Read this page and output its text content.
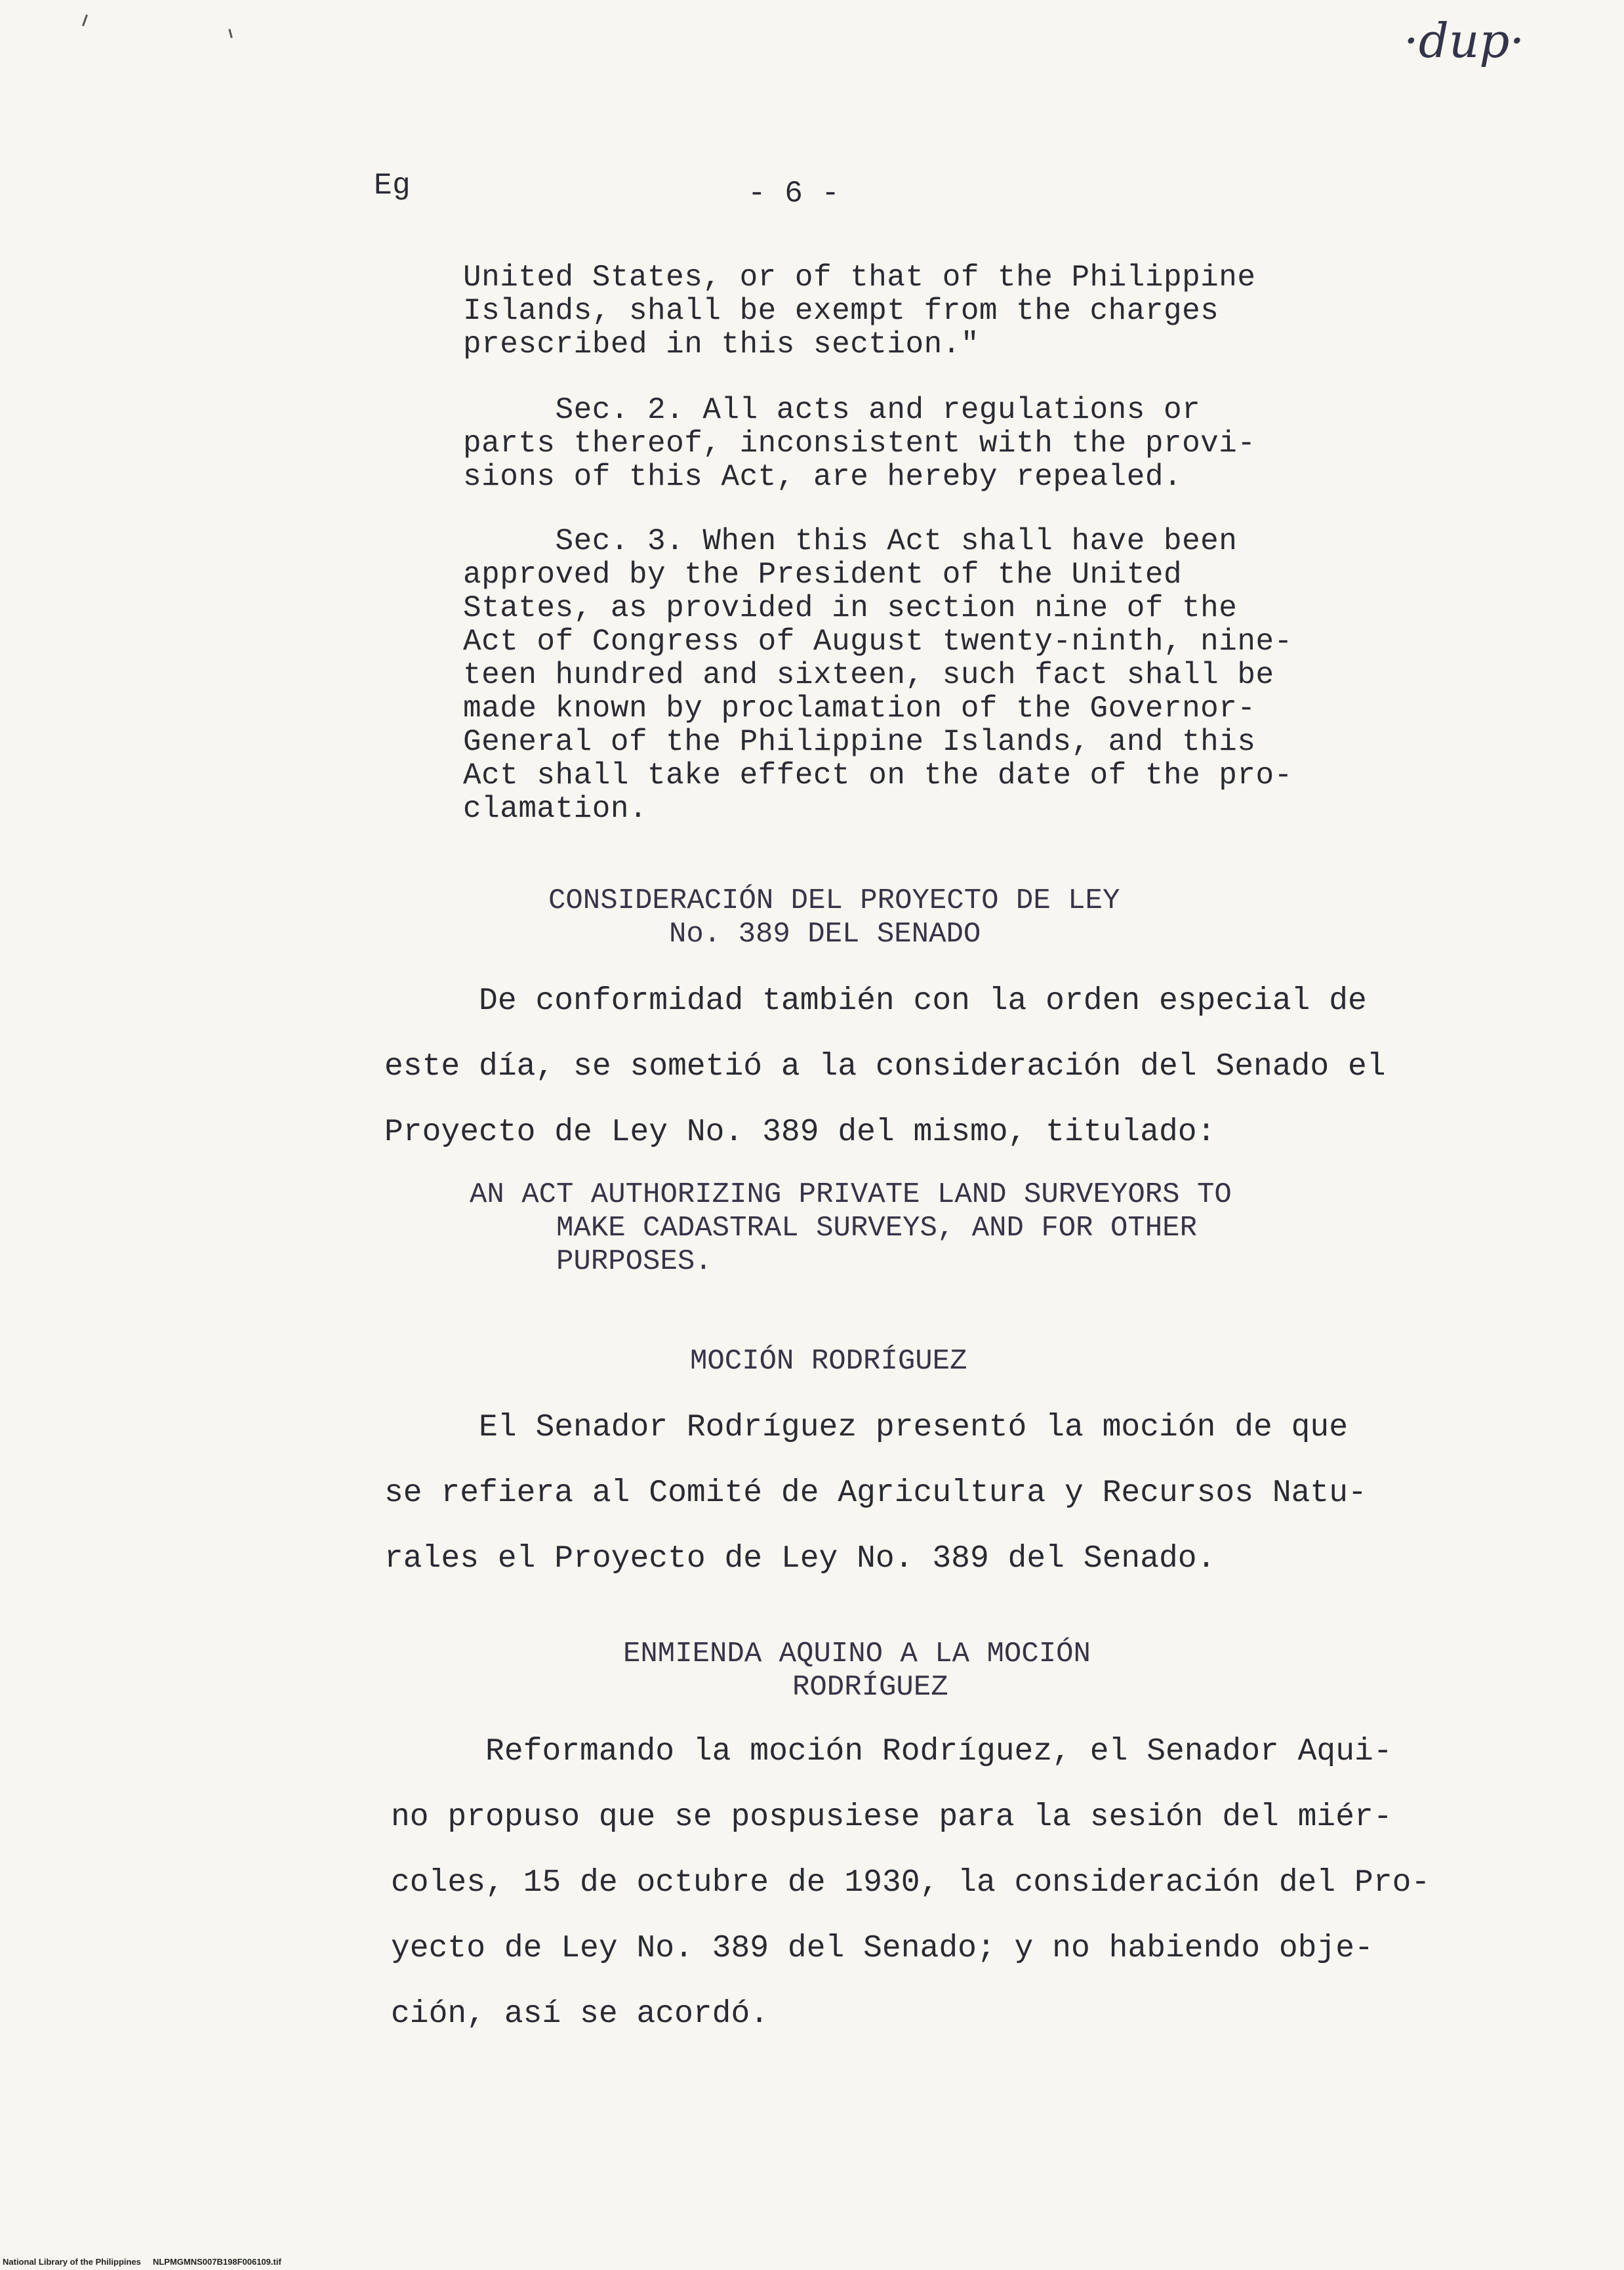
·dup·
Eg	- 6 -
United States, or of that of the Philippine
Islands, shall be exempt from the charges
prescribed in this section."
Sec. 2. All acts and regulations or
parts thereof, inconsistent with the provi-
sions of this Act, are hereby repealed.
Sec. 3. When this Act shall have been
approved by the President of the United
States, as provided in section nine of the
Act of Congress of August twenty-ninth, nine-
teen hundred and sixteen, such fact shall be
made known by proclamation of the Governor-
General of the Philippine Islands, and this
Act shall take effect on the date of the pro-
clamation.
CONSIDERACIÓN DEL PROYECTO DE LEY
No. 389 DEL SENADO
De conformidad también con la orden especial de
este día, se sometió a la consideración del Senado el
Proyecto de Ley No. 389 del mismo, titulado:
AN ACT AUTHORIZING PRIVATE LAND SURVEYORS TO
MAKE CADASTRAL SURVEYS, AND FOR OTHER
PURPOSES.
MOCIÓN RODRÍGUEZ
El Senador Rodríguez presentó la moción de que
se refiera al Comité de Agricultura y Recursos Natu-
rales el Proyecto de Ley No. 389 del Senado.
ENMIENDA AQUINO A LA MOCIÓN
RODRÍGUEZ
Reformando la moción Rodríguez, el Senador Aqui-
no propuso que se pospusiese para la sesión del miér-
coles, 15 de octubre de 1930, la consideración del Pro-
yecto de Ley No. 389 del Senado; y no habiendo obje-
ción, así se acordó.
National Library of the Philippines     NLPMGMNS007B198F006109.tif
